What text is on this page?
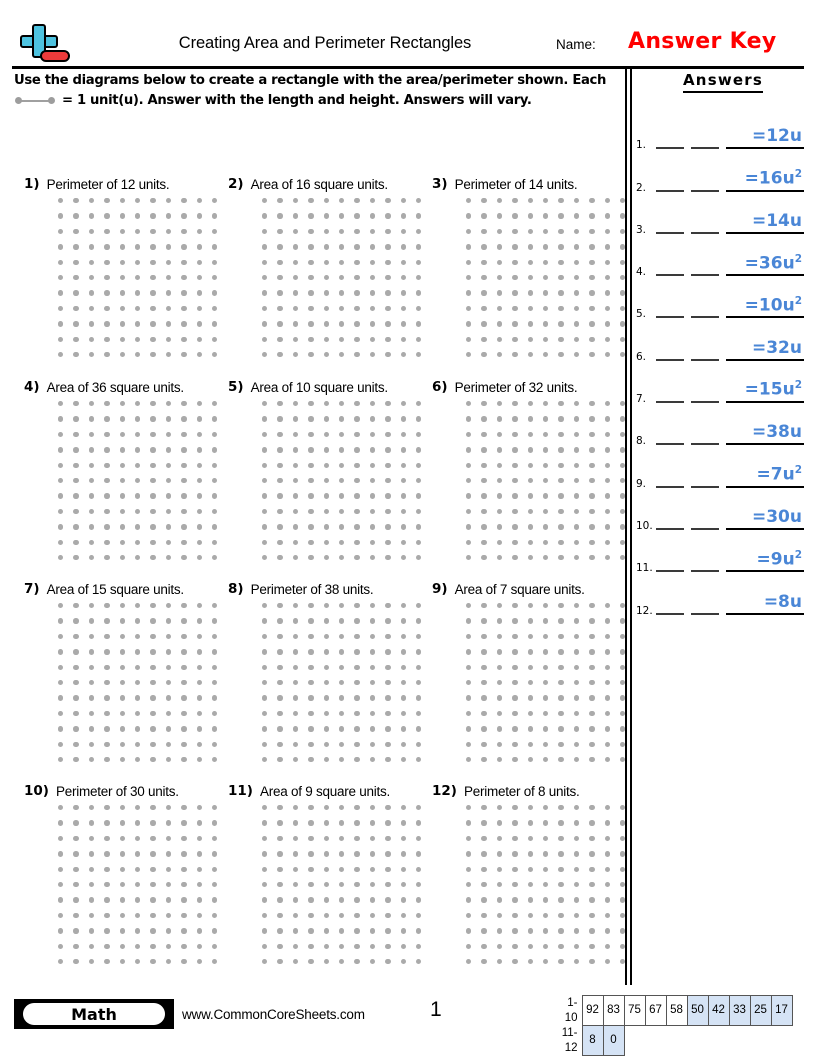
Creating Area and Perimeter Rectangles	Name: Answer Key
Use the diagrams below to create a rectangle with the area/perimeter shown. Each
= 1 unit(u). Answer with the length and height. Answers will vary.
Answers
1.	=12u
2.	$=16u^2$
3.	=14u
4.	$=36u^2$
5.	$=10u^2$
6.	=32u
7.	$=15u^2$
8.	=38u
9.	$=7u^2$
10.	=30u
11.	$=9u^2$
12.	=8u
1) Perimeter of 12 units.	2) Area of 16 square units.	3) Perimeter of 14 units.
4) Area of 36 square units.	5) Area of 10 square units.	6) Perimeter of 32 units.
7) Area of 15 square units.	8) Perimeter of 38 units.	9) Area of 7 square units.
10) Perimeter of 30 units.	11) Area of 9 square units.	12) Perimeter of 8 units.
Math	www.CommonCoreSheets.com	1	1-10	92	83	75	67	58	50	42	33	25	17
11-12	8	0								
